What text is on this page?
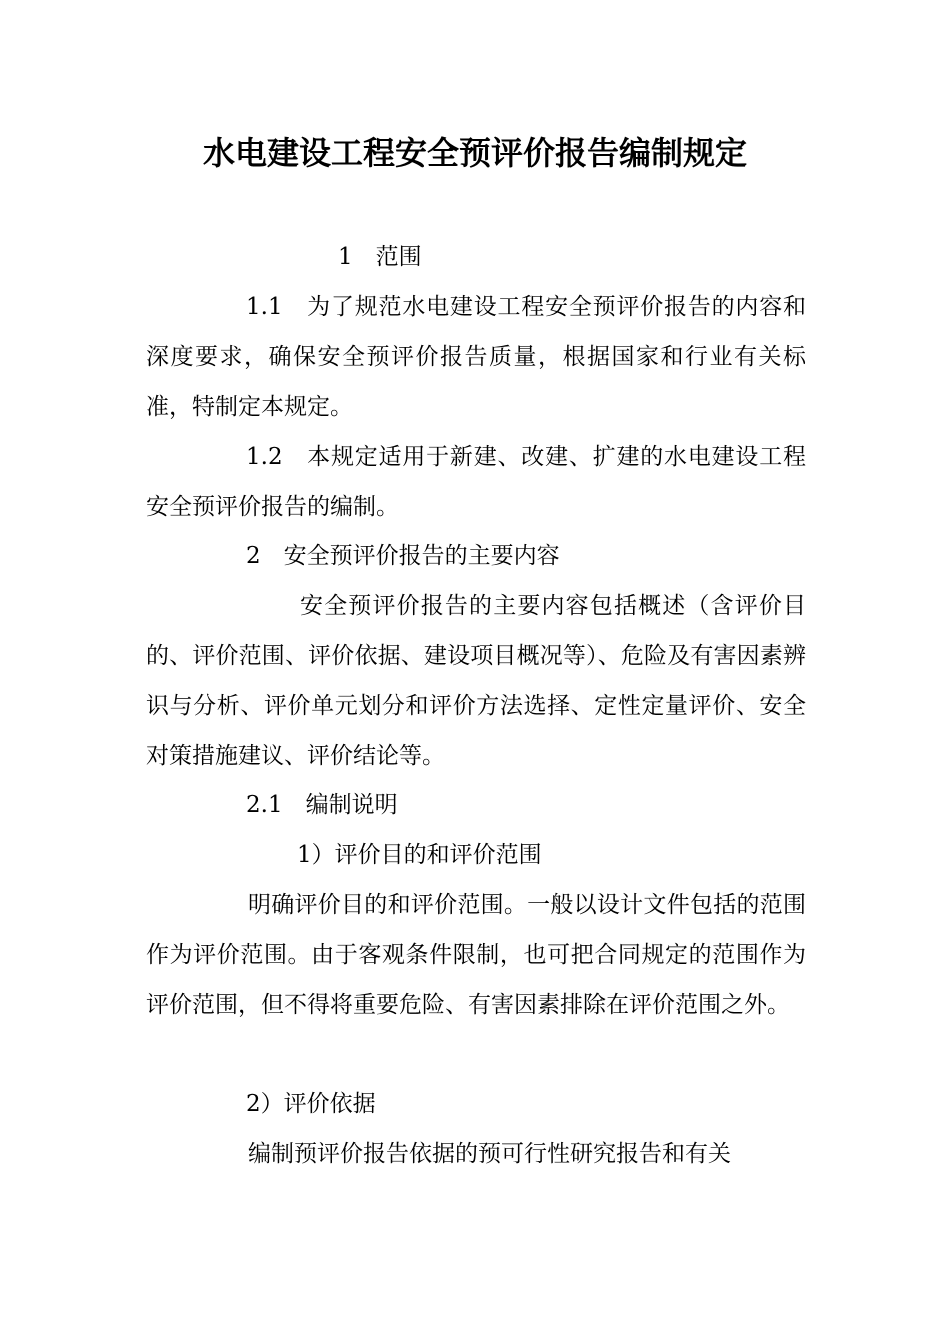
水电建设工程安全预评价报告编制规定
1　范围
1.1　为了规范水电建设工程安全预评价报告的内容和深度要求，确保安全预评价报告质量，根据国家和行业有关标准，特制定本规定。
1.2　本规定适用于新建、改建、扩建的水电建设工程安全预评价报告的编制。
2　安全预评价报告的主要内容
安全预评价报告的主要内容包括概述（含评价目的、评价范围、评价依据、建设项目概况等）、危险及有害因素辨识与分析、评价单元划分和评价方法选择、定性定量评价、安全对策措施建议、评价结论等。
2.1　编制说明
1）评价目的和评价范围
明确评价目的和评价范围。一般以设计文件包括的范围作为评价范围。由于客观条件限制，也可把合同规定的范围作为评价范围，但不得将重要危险、有害因素排除在评价范围之外。
2）评价依据
编制预评价报告依据的预可行性研究报告和有关
